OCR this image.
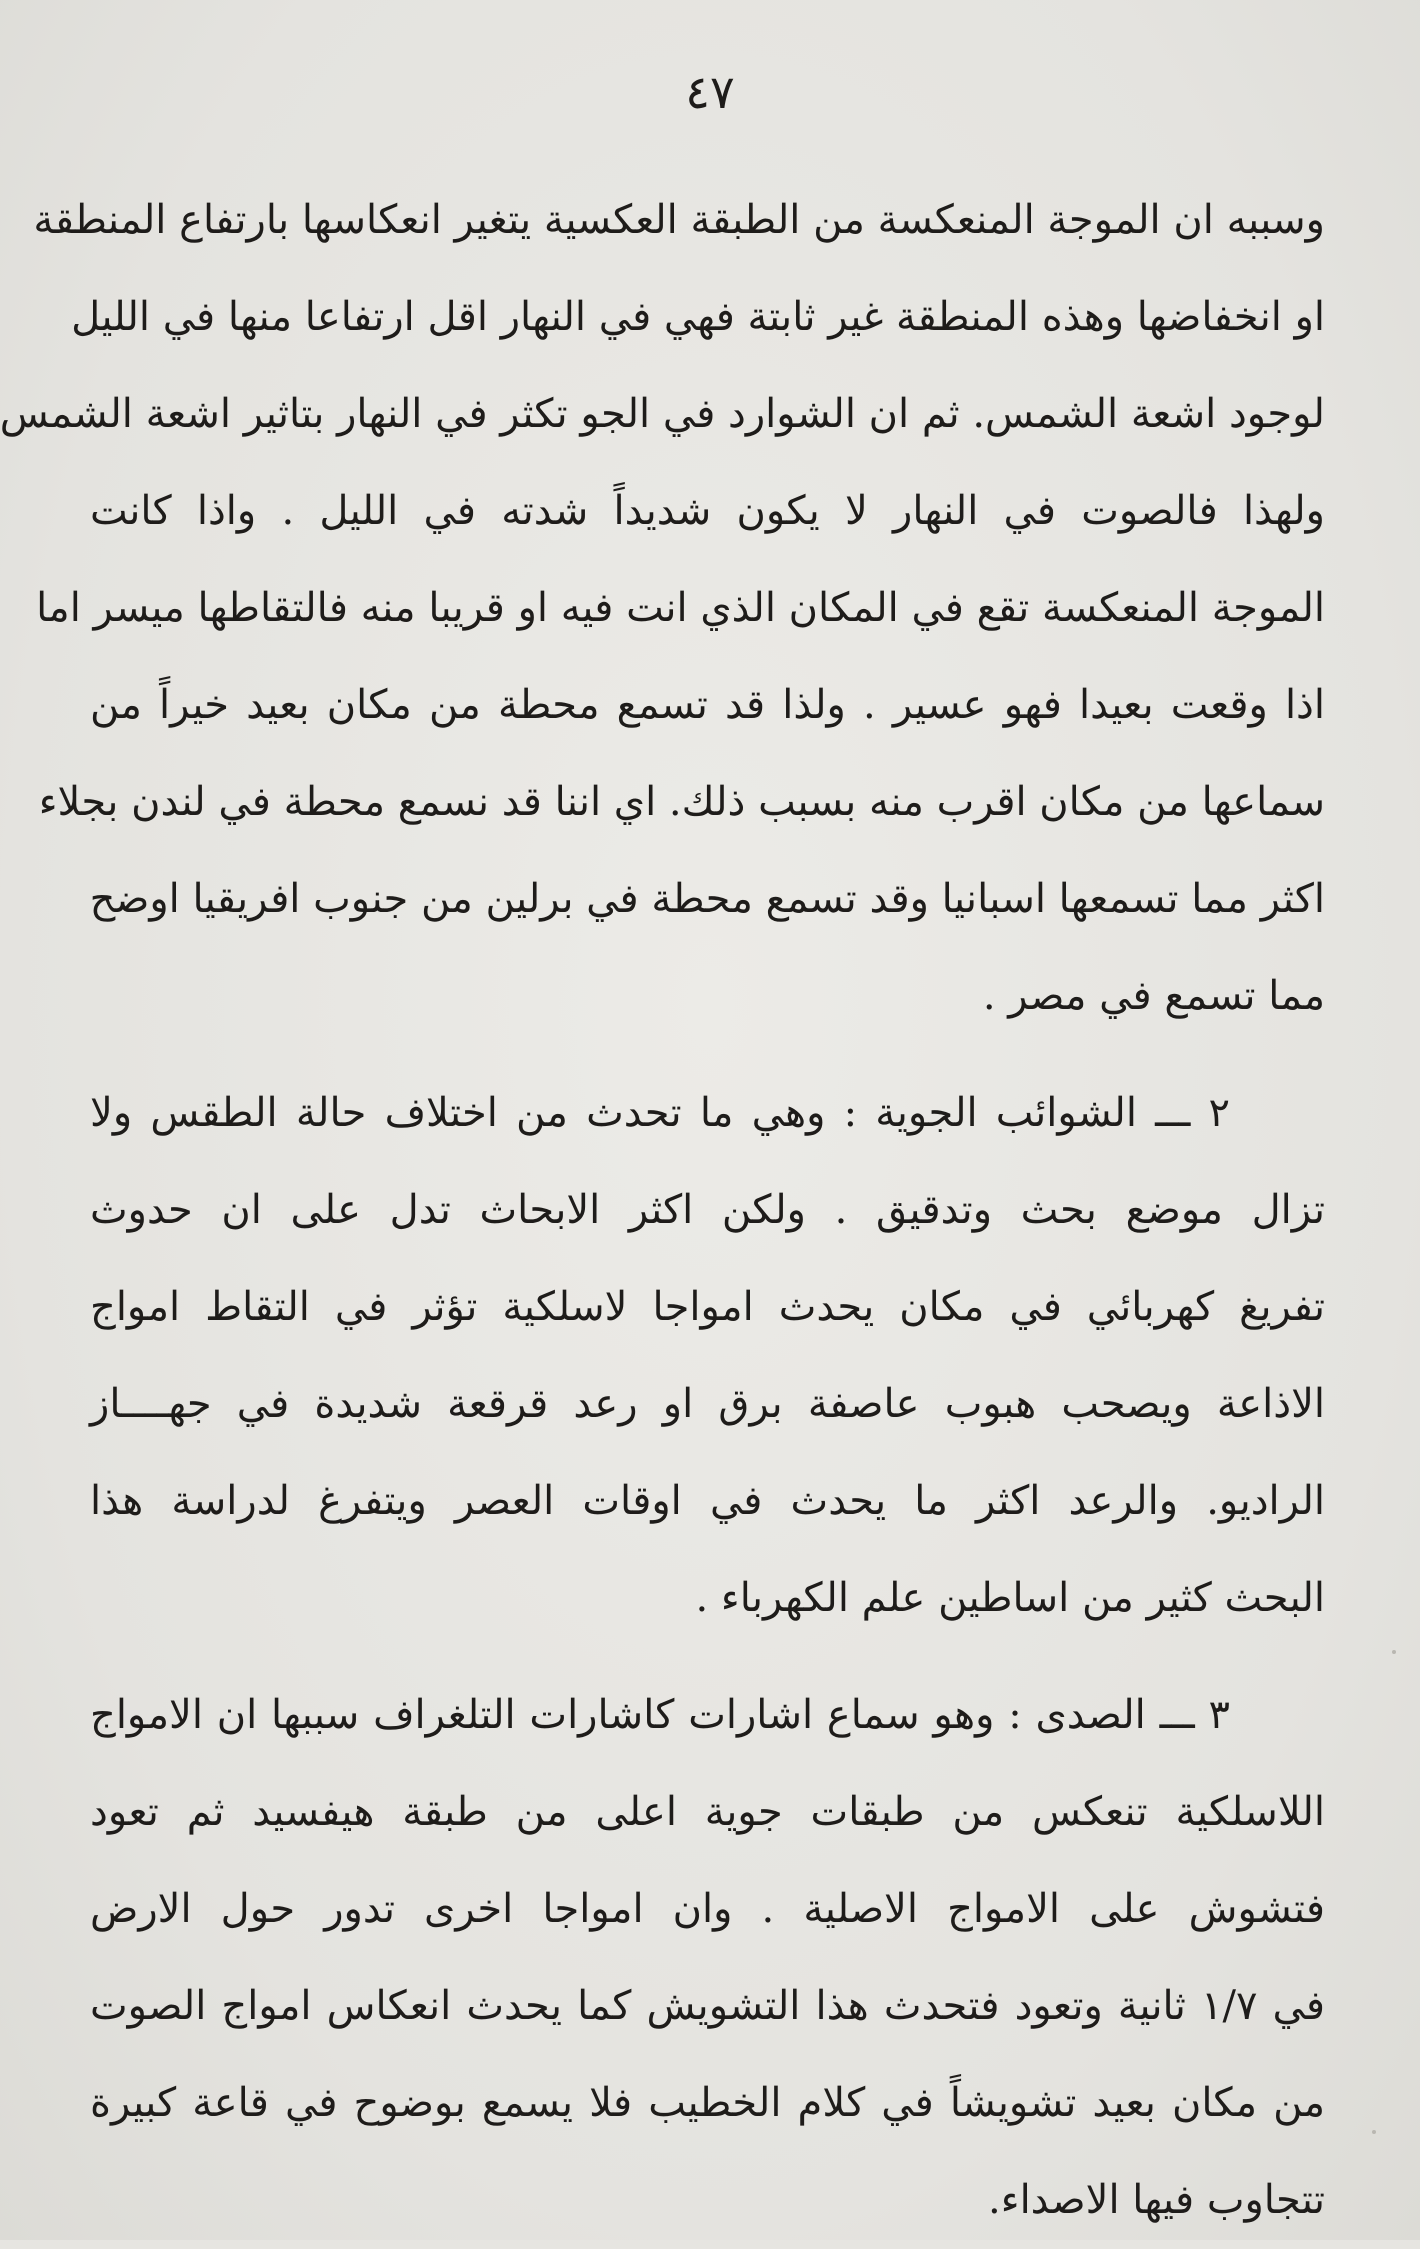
٤٧

وسببه ان الموجة المنعكسة من الطبقة العكسية يتغير انعكاسها بارتفاع المنطقة
او انخفاضها وهذه المنطقة غير ثابتة فهي في النهار اقل ارتفاعا منها في الليل
لوجود اشعة الشمس. ثم ان الشوارد في الجو تكثر في النهار بتاثير اشعة الشمس
ولهذا فالصوت في النهار لا يكون شديداً شدته في الليل . واذا كانت
الموجة المنعكسة تقع في المكان الذي انت فيه او قريبا منه فالتقاطها ميسر اما
اذا وقعت بعيدا فهو عسير . ولذا قد تسمع محطة من مكان بعيد خيراً من
سماعها من مكان اقرب منه بسبب ذلك. اي اننا قد نسمع محطة في لندن بجلاء
اكثر مما تسمعها اسبانيا وقد تسمع محطة في برلين من جنوب افريقيا اوضح
مما تسمع في مصر .

٢ ـــ الشوائب الجوية : وهي ما تحدث من اختلاف حالة الطقس ولا
تزال موضع بحث وتدقيق . ولكن اكثر الابحاث تدل على ان حدوث
تفريغ كهربائي في مكان يحدث امواجا لاسلكية تؤثر في التقاط امواج
الاذاعة ويصحب هبوب عاصفة برق او رعد قرقعة شديدة في جهــــاز
الراديو. والرعد اكثر ما يحدث في اوقات العصر ويتفرغ لدراسة هذا
البحث كثير من اساطين علم الكهرباء .

٣ ـــ الصدى : وهو سماع اشارات كاشارات التلغراف سببها ان الامواج
اللاسلكية تنعكس من طبقات جوية اعلى من طبقة هيفسيد ثم تعود
فتشوش على الامواج الاصلية . وان امواجا اخرى تدور حول الارض
في ١/٧ ثانية وتعود فتحدث هذا التشويش كما يحدث انعكاس امواج الصوت
من مكان بعيد تشويشاً في كلام الخطيب فلا يسمع بوضوح في قاعة كبيرة
تتجاوب فيها الاصداء.
